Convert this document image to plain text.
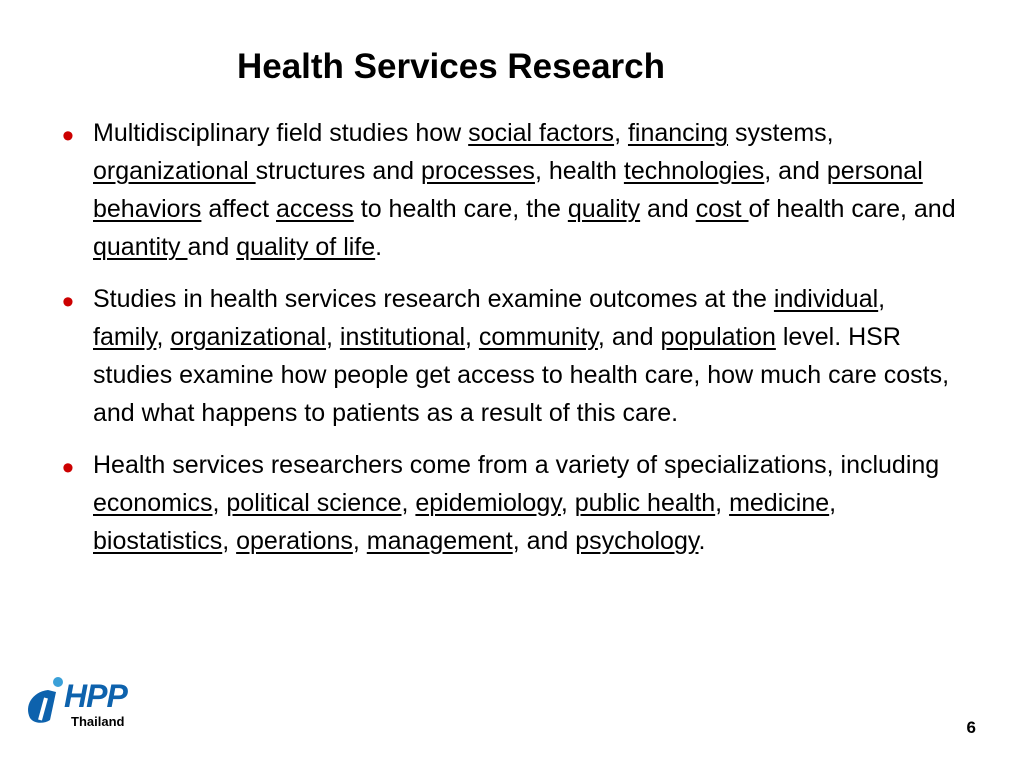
Health Services Research
• Multidisciplinary field studies how social factors, financing systems, organizational structures and processes, health technologies, and personal behaviors affect access to health care, the quality and cost of health care, and quantity and quality of life.
• Studies in health services research examine outcomes at the individual, family, organizational, institutional, community, and population level. HSR studies examine how people get access to health care, how much care costs, and what happens to patients as a result of this care.
• Health services researchers come from a variety of specializations, including economics, political science, epidemiology, public health, medicine, biostatistics, operations, management, and psychology.
HPP
Thailand	6
